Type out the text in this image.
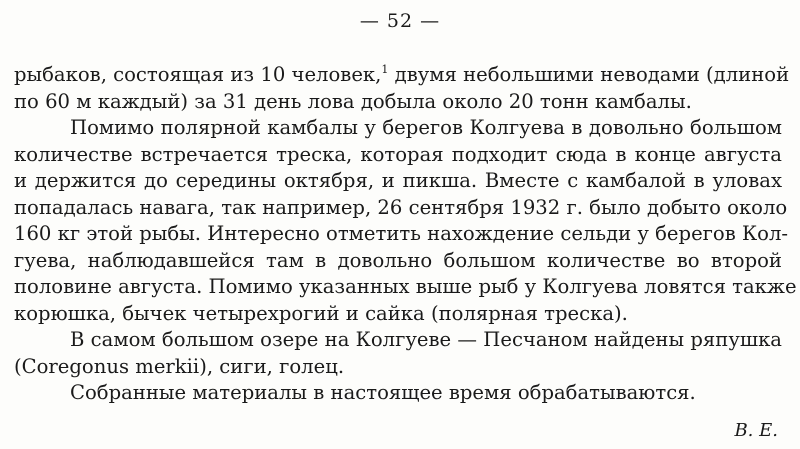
— 52 —
рыбаков, состоящая из 10 человек,$^1$ двумя небольшими неводами (длиной
по 60 м каждый) за 31 день лова добыла около 20 тонн камбалы.
Помимо полярной камбалы у берегов Колгуева в довольно большом
количестве встречается треска, которая подходит сюда в конце августа
и держится до середины октября, и пикша. Вместе с камбалой в уловах
попадалась навага, так например, 26 сентября 1932 г. было добыто около
160 кг этой рыбы. Интересно отметить нахождение сельди у берегов Кол-
гуева, наблюдавшейся там в довольно большом количестве во второй
половине августа. Помимо указанных выше рыб у Колгуева ловятся также
корюшка, бычек четырехрогий и сайка (полярная треска).
В самом большом озере на Колгуеве — Песчаном найдены ряпушка
(Coregonus merkii), сиги, голец.
Собранные материалы в настоящее время обрабатываются.
В. Е.
